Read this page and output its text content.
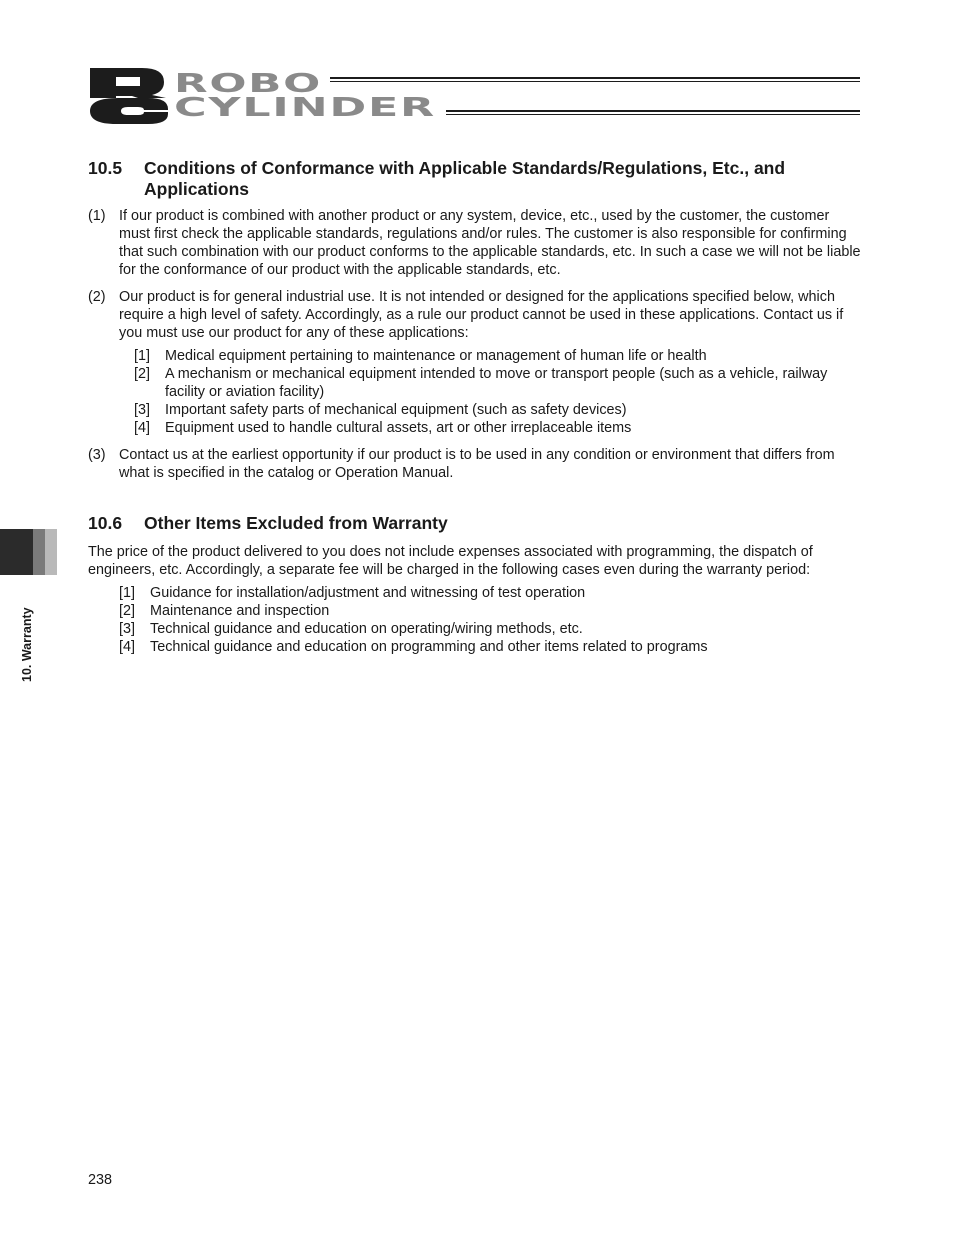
ROBO
CYLINDER
10. Warranty
10.5	Conditions of Conformance with Applicable Standards/Regulations, Etc., and Applications
(1) If our product is combined with another product or any system, device, etc., used by the customer, the customer must first check the applicable standards, regulations and/or rules. The customer is also responsible for confirming that such combination with our product conforms to the applicable standards, etc. In such a case we will not be liable for the conformance of our product with the applicable standards, etc.
(2) Our product is for general industrial use. It is not intended or designed for the applications specified below, which require a high level of safety. Accordingly, as a rule our product cannot be used in these applications. Contact us if you must use our product for any of these applications:
[1]	Medical equipment pertaining to maintenance or management of human life or health
[2]	A mechanism or mechanical equipment intended to move or transport people (such as a vehicle, railway facility or aviation facility)
[3]	Important safety parts of mechanical equipment (such as safety devices)
[4]	Equipment used to handle cultural assets, art or other irreplaceable items
(3) Contact us at the earliest opportunity if our product is to be used in any condition or environment that differs from what is specified in the catalog or Operation Manual.
10.6	Other Items Excluded from Warranty

The price of the product delivered to you does not include expenses associated with programming, the dispatch of engineers, etc. Accordingly, a separate fee will be charged in the following cases even during the warranty period:

[1]	Guidance for installation/adjustment and witnessing of test operation
[2]	Maintenance and inspection
[3]	Technical guidance and education on operating/wiring methods, etc.
[4]	Technical guidance and education on programming and other items related to programs
238
